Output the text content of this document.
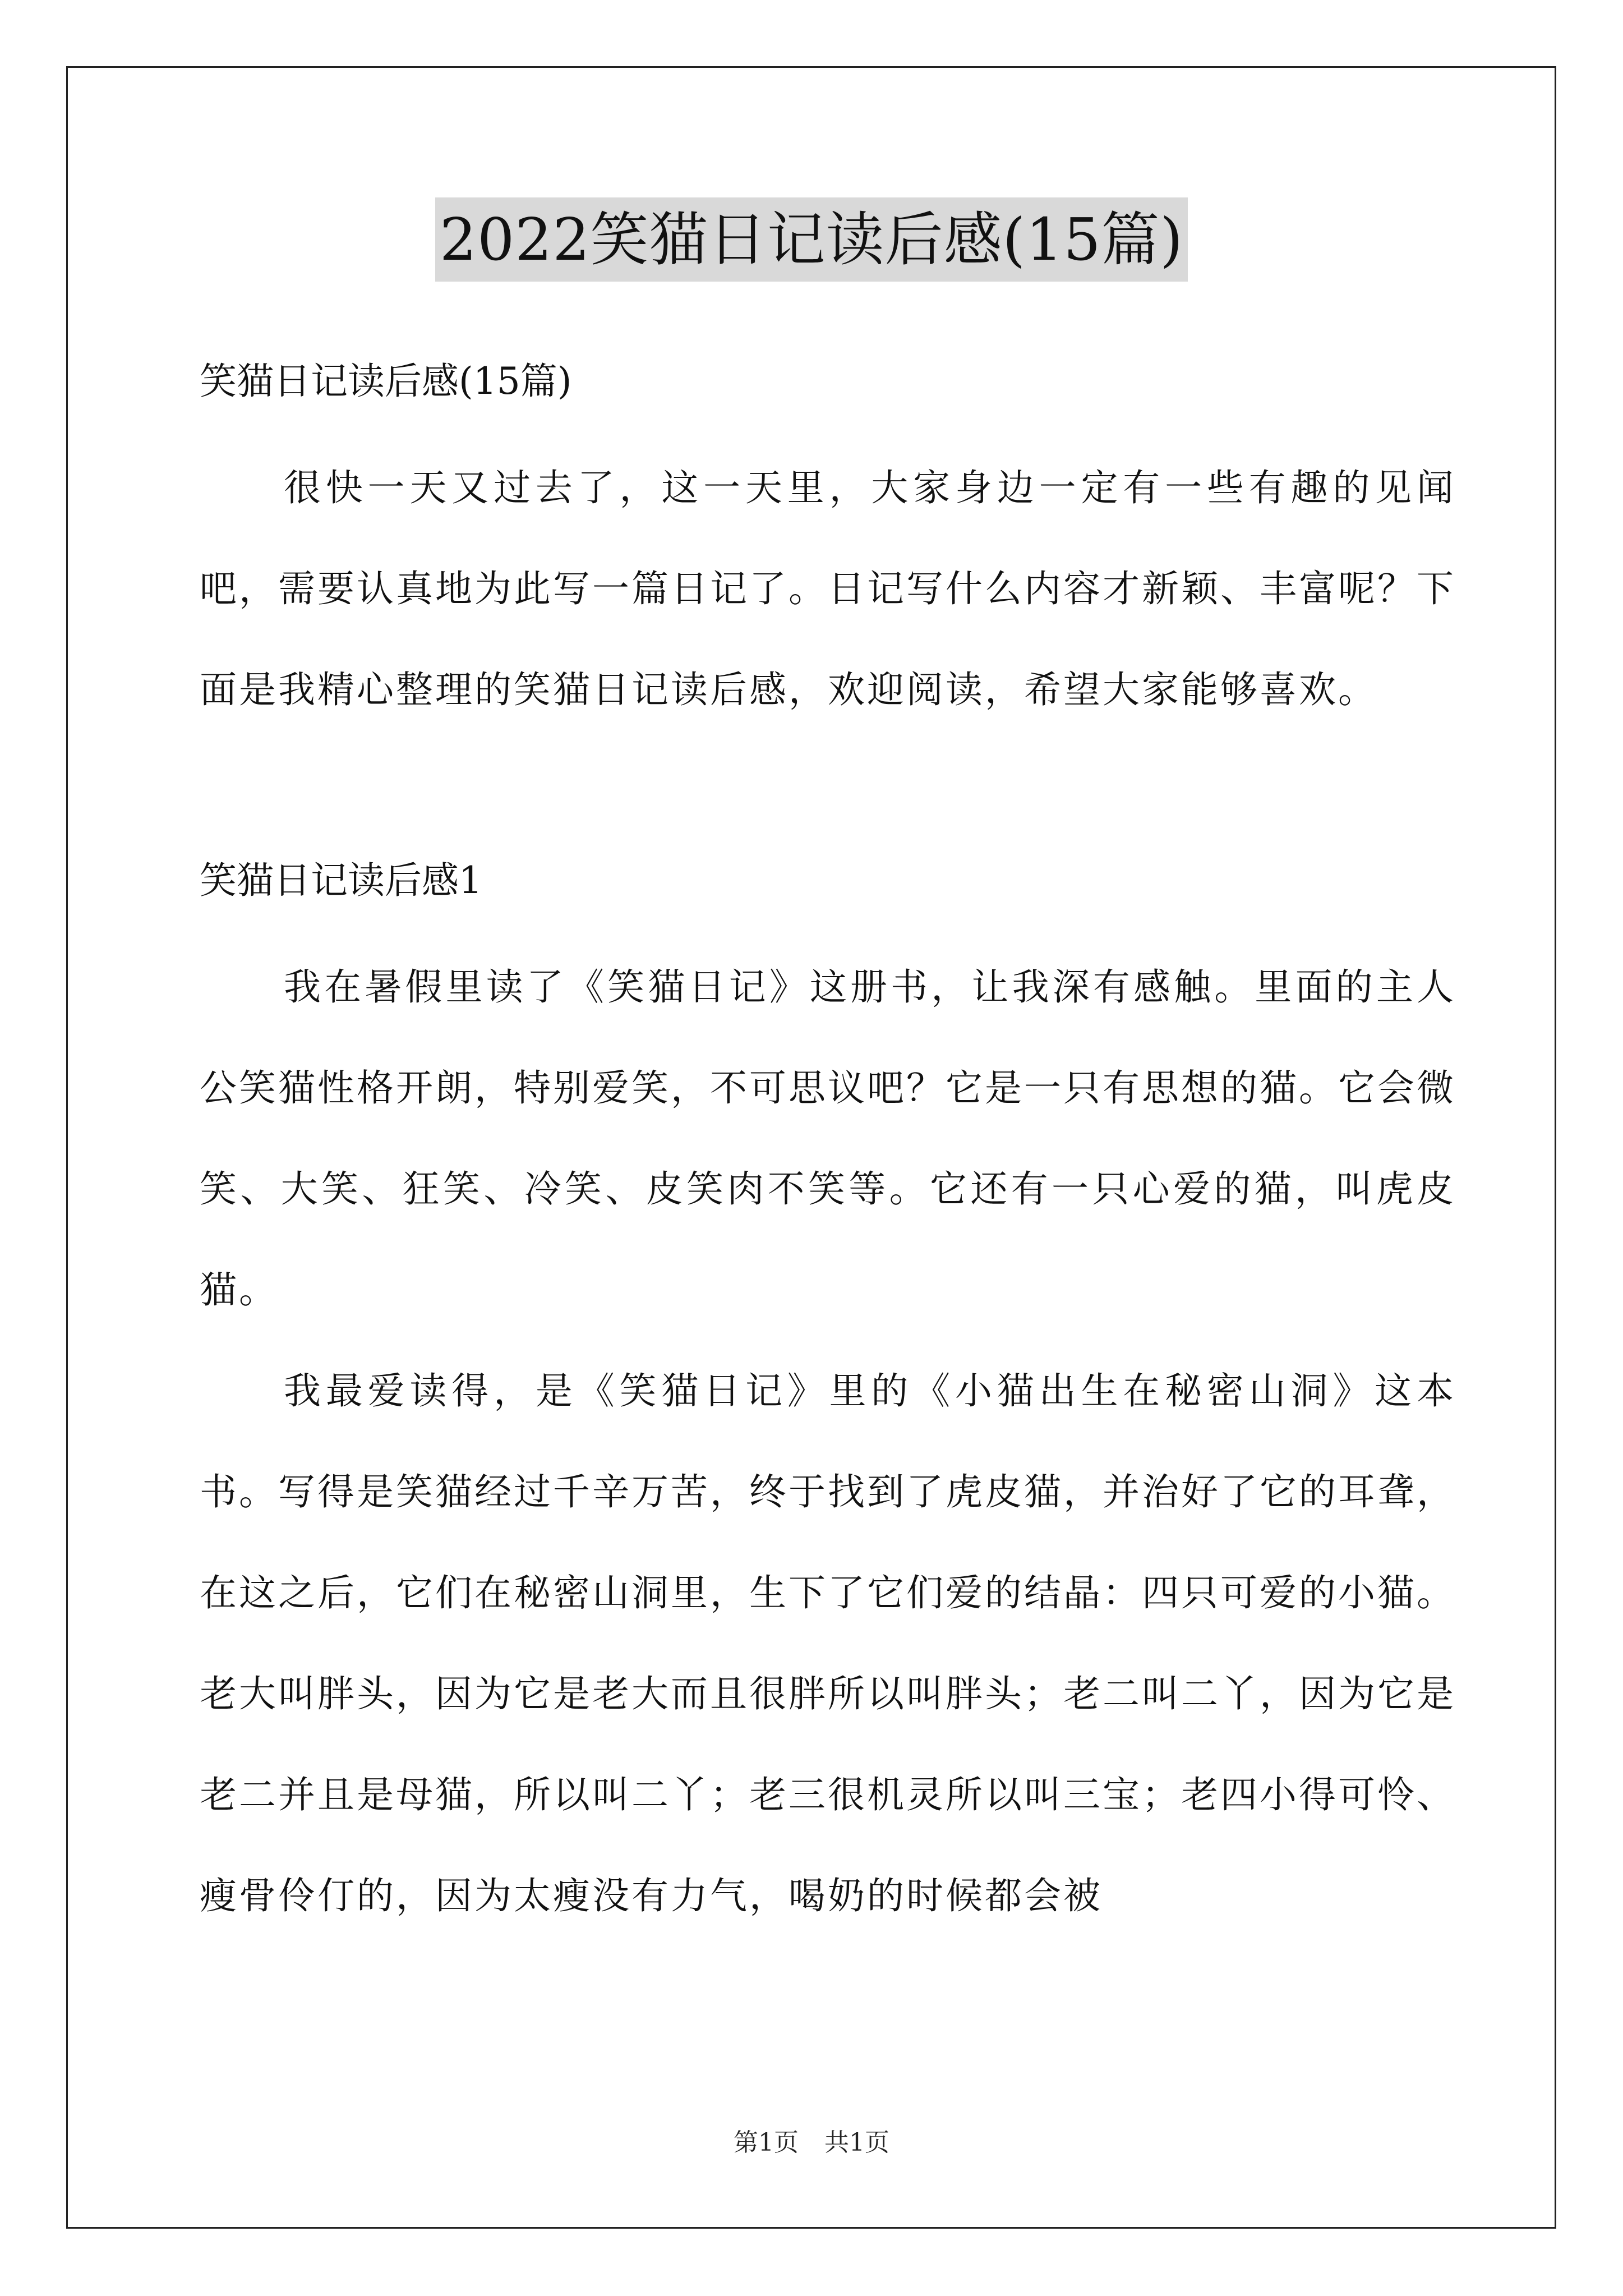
2022笑猫日记读后感(15篇)

笑猫日记读后感(15篇)

很快一天又过去了，这一天里，大家身边一定有一些有趣的见闻吧，需要认真地为此写一篇日记了。日记写什么内容才新颖、丰富呢？下面是我精心整理的笑猫日记读后感，欢迎阅读，希望大家能够喜欢。

笑猫日记读后感1

我在暑假里读了《笑猫日记》这册书，让我深有感触。里面的主人公笑猫性格开朗，特别爱笑，不可思议吧？它是一只有思想的猫。它会微笑、大笑、狂笑、冷笑、皮笑肉不笑等。它还有一只心爱的猫，叫虎皮猫。

我最爱读得，是《笑猫日记》里的《小猫出生在秘密山洞》这本书。写得是笑猫经过千辛万苦，终于找到了虎皮猫，并治好了它的耳聋，在这之后，它们在秘密山洞里，生下了它们爱的结晶：四只可爱的小猫。老大叫胖头，因为它是老大而且很胖所以叫胖头；老二叫二丫，因为它是老二并且是母猫，所以叫二丫；老三很机灵所以叫三宝；老四小得可怜、瘦骨伶仃的，因为太瘦没有力气，喝奶的时候都会被

第1页 共1页
